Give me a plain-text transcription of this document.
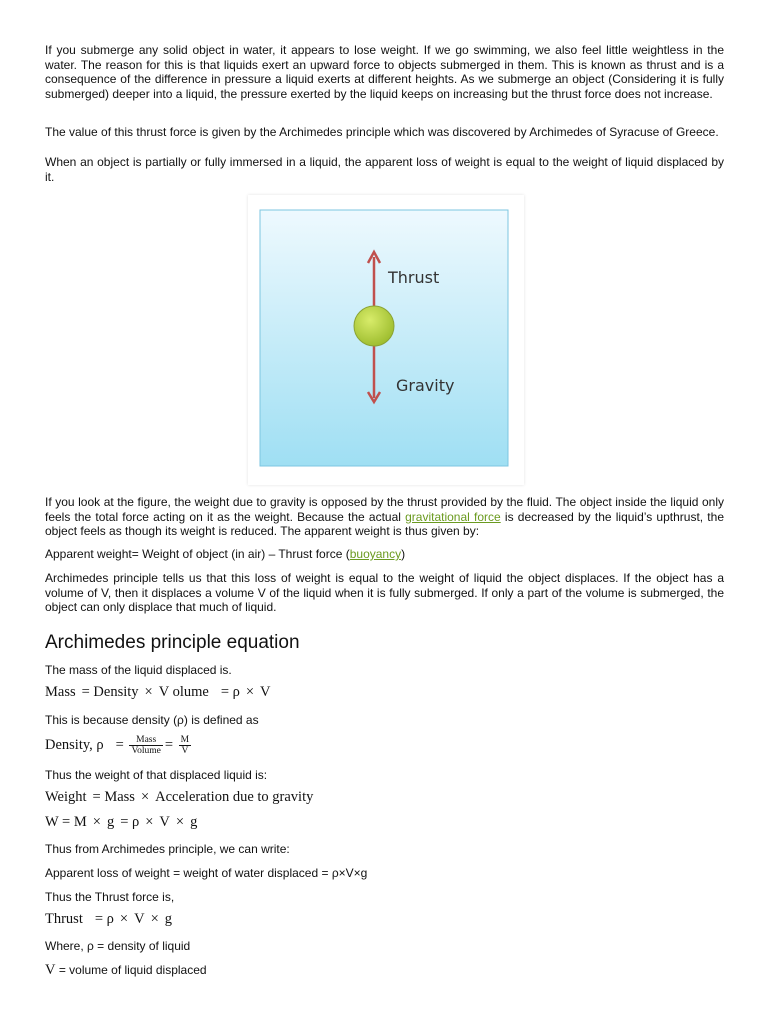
If you submerge any solid object in water, it appears to lose weight. If we go swimming, we also feel little weightless in the water. The reason for this is that liquids exert an upward force to objects submerged in them. This is known as thrust and is a consequence of the difference in pressure a liquid exerts at different heights. As we submerge an object (Considering it is fully submerged) deeper into a liquid, the pressure exerted by the liquid keeps on increasing but the thrust force does not increase.

The value of this thrust force is given by the Archimedes principle which was discovered by Archimedes of Syracuse of Greece.

When an object is partially or fully immersed in a liquid, the apparent loss of weight is equal to the weight of liquid displaced by it.

Thrust
Gravity

If you look at the figure, the weight due to gravity is opposed by the thrust provided by the fluid. The object inside the liquid only feels the total force acting on it as the weight. Because the actual gravitational force is decreased by the liquid’s upthrust, the object feels as though its weight is reduced. The apparent weight is thus given by:

Apparent weight= Weight of object (in air) – Thrust force (buoyancy)

Archimedes principle tells us that this loss of weight is equal to the weight of liquid the object displaces. If the object has a volume of V, then it displaces a volume V of the liquid when it is fully submerged. If only a part of the volume is submerged, the object can only displace that much of liquid.

Archimedes principle equation
The mass of the liquid displaced is.
Mass = Density × V olume = ρ × V
This is because density (ρ) is defined as
Density, $\rho = \frac{\text{Mass}}{\text{Volume}} = \frac{M}{V}$
Thus the weight of that displaced liquid is:
Weight = Mass × Acceleration due to gravity
W = M × g = ρ × V × g
Thus from Archimedes principle, we can write:
Apparent loss of weight = weight of water displaced = ρ×V×g
Thus the Thrust force is,
Thrust = ρ × V × g
Where, ρ = density of liquid
V = volume of liquid displaced
